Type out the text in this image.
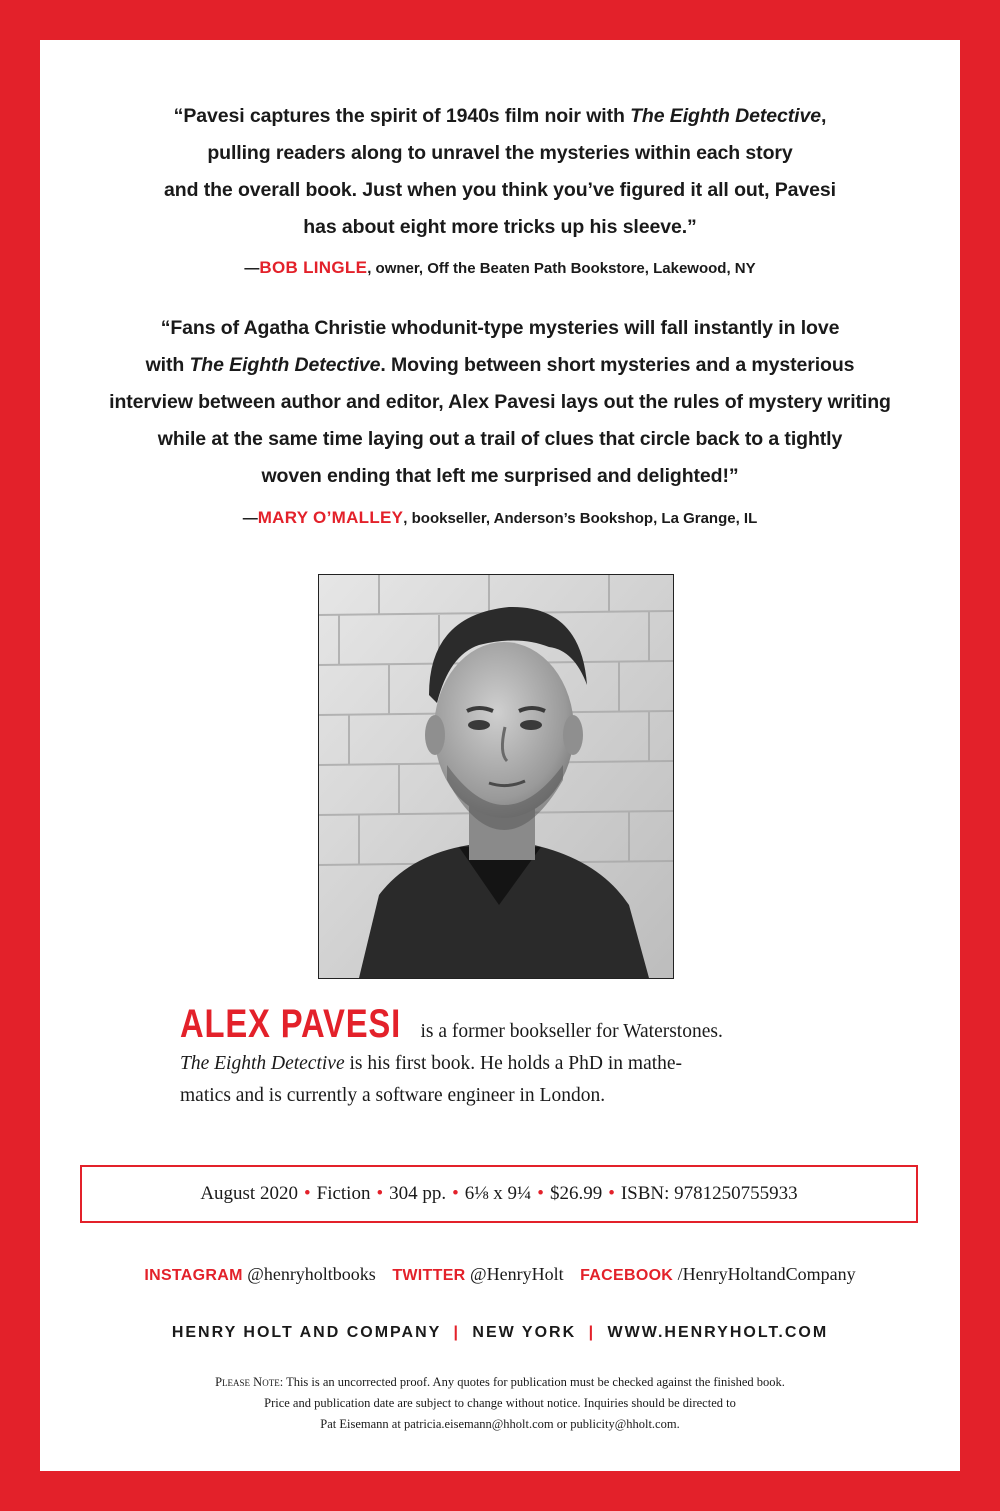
“Pavesi captures the spirit of 1940s film noir with The Eighth Detective,
pulling readers along to unravel the mysteries within each story
and the overall book. Just when you think you’ve figured it all out, Pavesi
has about eight more tricks up his sleeve.”
—BOB LINGLE, owner, Off the Beaten Path Bookstore, Lakewood, NY
“Fans of Agatha Christie whodunit-type mysteries will fall instantly in love
with The Eighth Detective. Moving between short mysteries and a mysterious
interview between author and editor, Alex Pavesi lays out the rules of mystery writing
while at the same time laying out a trail of clues that circle back to a tightly
woven ending that left me surprised and delighted!”
—MARY O’MALLEY, bookseller, Anderson’s Bookshop, La Grange, IL
ALEX PAVESI is a former bookseller for Waterstones.
The Eighth Detective is his first book. He holds a PhD in mathe-
matics and is currently a software engineer in London.
August 2020 • Fiction • 304 pp. • 6⅛ x 9¼ • $26.99 • ISBN: 9781250755933
INSTAGRAM @henryholtbooks TWITTER @HenryHolt FACEBOOK /HenryHoltandCompany
HENRY HOLT AND COMPANY | NEW YORK | WWW.HENRYHOLT.COM
Please Note: This is an uncorrected proof. Any quotes for publication must be checked against the finished book.
Price and publication date are subject to change without notice. Inquiries should be directed to
Pat Eisemann at patricia.eisemann@hholt.com or publicity@hholt.com.
